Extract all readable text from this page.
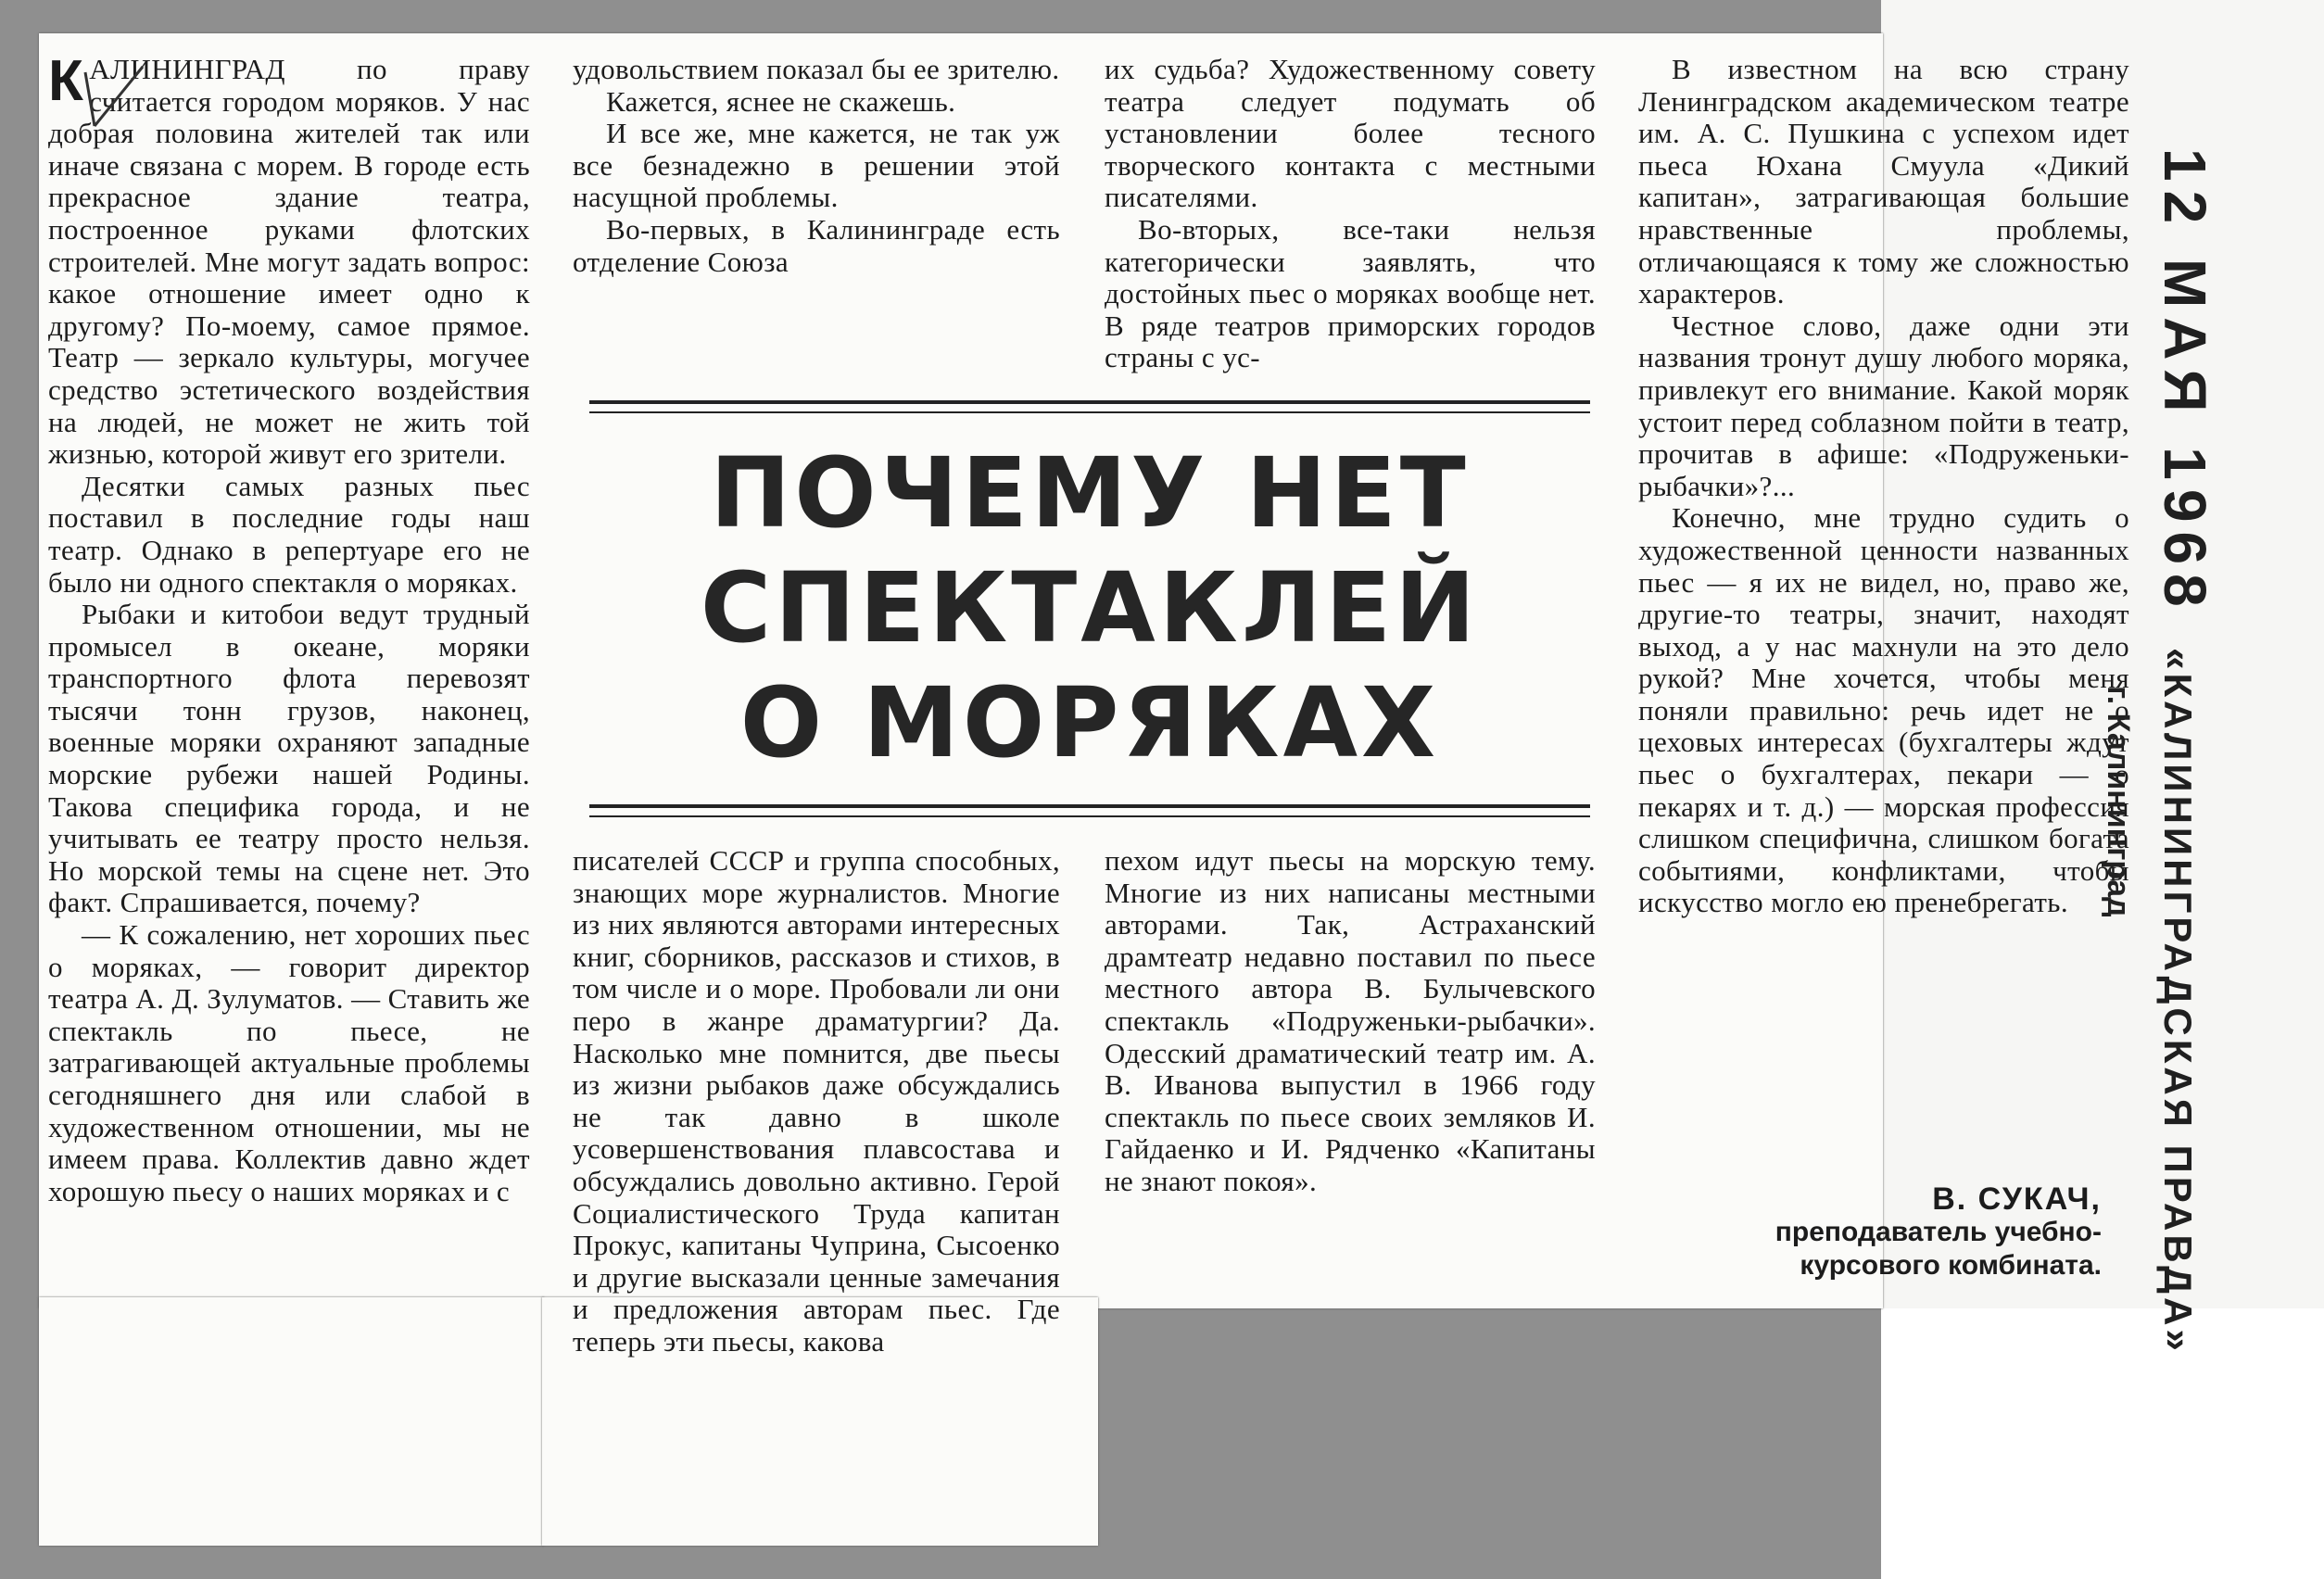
КАЛИНИНГРАД по праву считается городом моряков. У нас добрая половина жителей так или иначе связана с морем. В городе есть прекрасное здание театра, построенное руками флотских строителей. Мне могут задать вопрос: какое отношение имеет одно к другому? По-моему, самое прямое. Театр — зеркало культуры, могучее средство эстетического воздействия на людей, не может не жить той жизнью, которой живут его зрители.

Десятки самых разных пьес поставил в последние годы наш театр. Однако в репертуаре его не было ни одного спектакля о моряках.

Рыбаки и китобои ведут трудный промысел в океане, моряки транспортного флота перевозят тысячи тонн грузов, наконец, военные моряки охраняют западные морские рубежи нашей Родины. Такова специфика города, и не учитывать ее театру просто нельзя. Но морской темы на сцене нет. Это факт. Спрашивается, почему?

— К сожалению, нет хороших пьес о моряках, — говорит директор театра А. Д. Зулуматов. — Ставить же спектакль по пьесе, не затрагивающей актуальные проблемы сегодняшнего дня или слабой в художественном отношении, мы не имеем права. Коллектив давно ждет хорошую пьесу о наших моряках и с

удовольствием показал бы ее зрителю.

Кажется, яснее не скажешь.

И все же, мне кажется, не так уж все безнадежно в решении этой насущной проблемы.

Во-первых, в Калининграде есть отделение Союза

их судьба? Художественному совету театра следует подумать об установлении более тесного творческого контакта с местными писателями.

Во-вторых, все-таки нельзя категорически заявлять, что достойных пьес о моряках вообще нет. В ряде театров приморских городов страны с ус-

ПОЧЕМУ НЕТ
СПЕКТАКЛЕЙ
О МОРЯКАХ

писателей СССР и группа способных, знающих море журналистов. Многие из них являются авторами интересных книг, сборников, рассказов и стихов, в том числе и о море. Пробовали ли они перо в жанре драматургии? Да. Насколько мне помнится, две пьесы из жизни рыбаков даже обсуждались не так давно в школе усовершенствования плавсостава и обсуждались довольно активно. Герой Социалистического Труда капитан Прокус, капитаны Чуприна, Сысоенко и другие высказали ценные замечания и предложения авторам пьес. Где теперь эти пьесы, какова

пехом идут пьесы на морскую тему. Многие из них написаны местными авторами. Так, Астраханский драмтеатр недавно поставил по пьесе местного автора В. Булычевского спектакль «Подруженьки-рыбачки». Одесский драматический театр им. А. В. Иванова выпустил в 1966 году спектакль по пьесе своих земляков И. Гайдаенко и И. Рядченко «Капитаны не знают покоя».

В известном на всю страну Ленинградском академическом театре им. А. С. Пушкина с успехом идет пьеса Юхана Смуула «Дикий капитан», затрагивающая большие нравственные проблемы, отличающаяся к тому же сложностью характеров.

Честное слово, даже одни эти названия тронут душу любого моряка, привлекут его внимание. Какой моряк устоит перед соблазном пойти в театр, прочитав в афише: «Подруженьки-рыбачки»?...

Конечно, мне трудно судить о художественной ценности названных пьес — я их не видел, но, право же, другие-то театры, значит, находят выход, а у нас махнули на это дело рукой? Мне хочется, чтобы меня поняли правильно: речь идет не о цеховых интересах (бухгалтеры ждут пьес о бухгалтерах, пекари — о пекарях и т. д.) — морская профессия слишком специфична, слишком богата событиями, конфликтами, чтобы искусство могло ею пренебрегать.

В. СУКАЧ,
преподаватель учебно-
курсового комбината.
12 МАЯ 1968 «КАЛИНИНГРАДСКАЯ ПРАВДА»
г. Калининград
